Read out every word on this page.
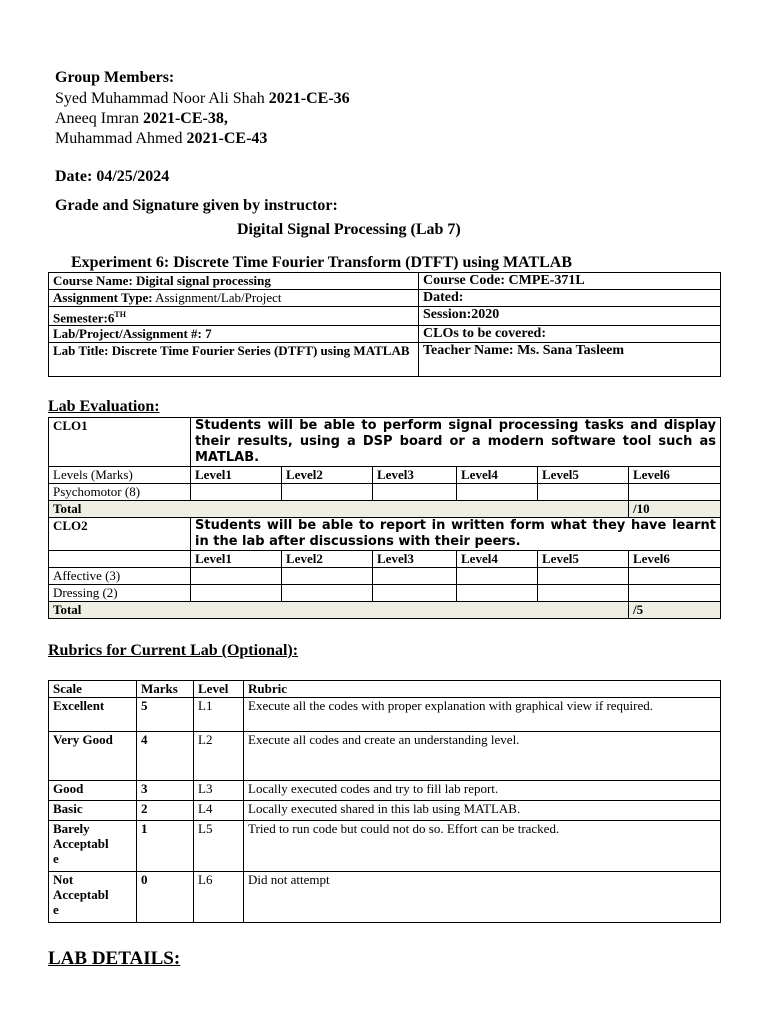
Group Members:
Syed Muhammad Noor Ali Shah 2021-CE-36
Aneeq Imran 2021-CE-38,
Muhammad Ahmed 2021-CE-43
Date: 04/25/2024
Grade and Signature given by instructor:
Digital Signal Processing (Lab 7)
Experiment 6: Discrete Time Fourier Transform (DTFT) using MATLAB
Course Name: Digital signal processing	Course Code: CMPE-371L
Assignment Type: Assignment/Lab/Project	Dated:
Semester:6TH	Session:2020
Lab/Project/Assignment #: 7	CLOs to be covered:
Lab Title: Discrete Time Fourier Series (DTFT) using MATLAB	Teacher Name: Ms. Sana Tasleem
Lab Evaluation:
CLO1	Students will be able to perform signal processing tasks and display their results, using a DSP board or a modern software tool such as MATLAB.					
Levels (Marks)	Level1	Level2	Level3	Level4	Level5	Level6
Psychomotor (8)						
Total						/10
CLO2	Students will be able to report in written form what they have learnt in the lab after discussions with their peers.					
	Level1	Level2	Level3	Level4	Level5	Level6
Affective (3)						
Dressing (2)						
Total						/5
Rubrics for Current Lab (Optional):
Scale	Marks	Level	Rubric
Excellent	5	L1	Execute all the codes with proper explanation with graphical view if required.
Very Good	4	L2	Execute all codes and create an understanding level.
Good	3	L3	Locally executed codes and try to fill lab report.
Basic	2	L4	Locally executed shared in this lab using MATLAB.
Barely
Acceptabl
e	1	L5	Tried to run code but could not do so. Effort can be tracked.
Not
Acceptabl
e	0	L6	Did not attempt
LAB DETAILS:
